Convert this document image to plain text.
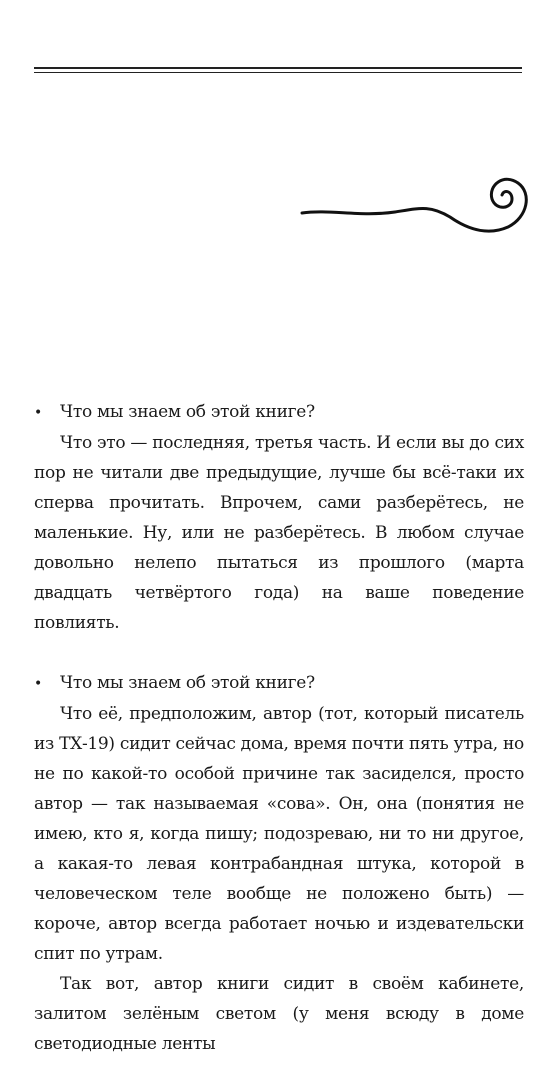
•	Что мы знаем об этой книге?

Что это — последняя, третья часть. И если вы до сих пор не читали две предыдущие, лучше бы всё-таки их сперва прочитать. Впрочем, сами разберётесь, не маленькие. Ну, или не разберётесь. В любом случае довольно нелепо пытаться из прошлого (марта двадцать четвёртого года) на ваше поведение повлиять.

•	Что мы знаем об этой книге?

Что её, предположим, автор (тот, который писатель из ТХ-19) сидит сейчас дома, время почти пять утра, но не по какой-то особой причине так засиделся, просто автор — так называемая «сова». Он, она (понятия не имею, кто я, когда пишу; подозреваю, ни то ни другое, а какая-то левая контрабандная штука, которой в человеческом теле вообще не положено быть) — короче, автор всегда работает ночью и издевательски спит по утрам.

Так вот, автор книги сидит в своём кабинете, залитом зелёным светом (у меня всюду в доме светодиодные ленты
